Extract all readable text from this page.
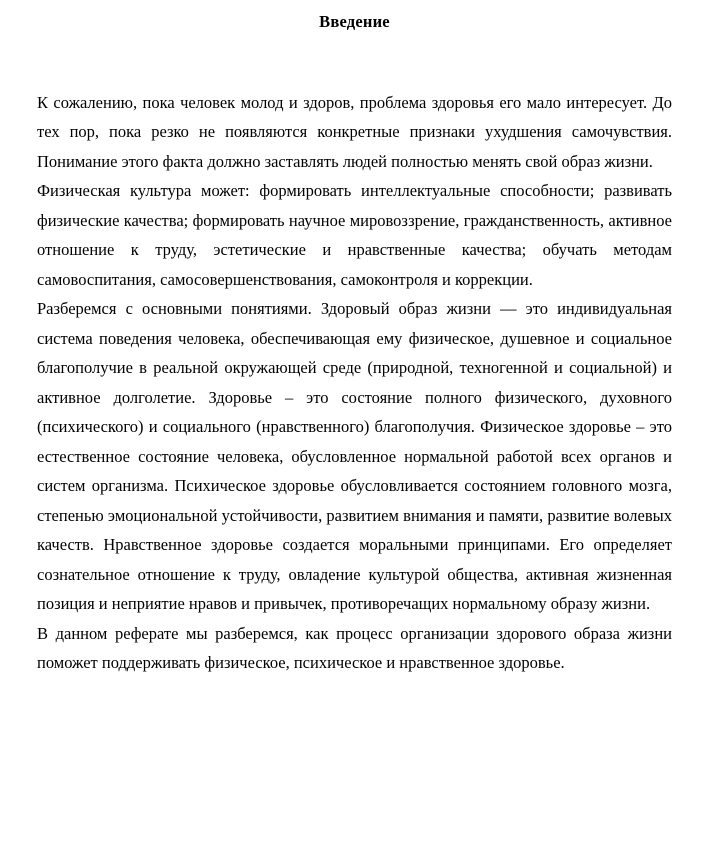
Введение

К сожалению, пока человек молод и здоров, проблема здоровья его мало интересует. До тех пор, пока резко не появляются конкретные признаки ухудшения самочувствия. Понимание этого факта должно заставлять людей полностью менять свой образ жизни.

Физическая культура может: формировать интеллектуальные способности; развивать физические качества; формировать научное мировоззрение, гражданственность, активное отношение к труду, эстетические и нравственные качества; обучать методам самовоспитания, самосовершенствования, самоконтроля и коррекции.

Разберемся с основными понятиями. Здоровый образ жизни — это индивидуальная система поведения человека, обеспечивающая ему физическое, душевное и социальное благополучие в реальной окружающей среде (природной, техногенной и социальной) и активное долголетие. Здоровье – это состояние полного физического, духовного (психического) и социального (нравственного) благополучия. Физическое здоровье – это естественное состояние человека, обусловленное нормальной работой всех органов и систем организма. Психическое здоровье обусловливается состоянием головного мозга, степенью эмоциональной устойчивости, развитием внимания и памяти, развитие волевых качеств. Нравственное здоровье создается моральными принципами. Его определяет сознательное отношение к труду, овладение культурой общества, активная жизненная позиция и неприятие нравов и привычек, противоречащих нормальному образу жизни.

В данном реферате мы разберемся, как процесс организации здорового образа жизни поможет поддерживать физическое, психическое и нравственное здоровье.
